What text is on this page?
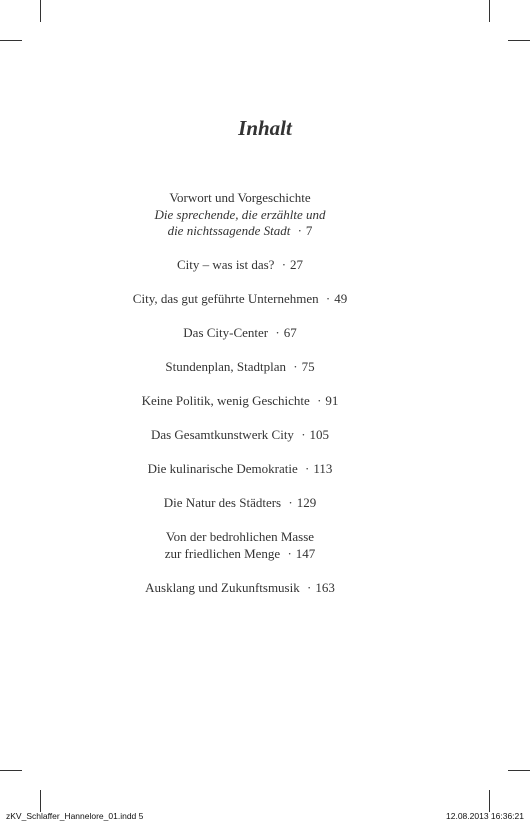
Inhalt
Vorwort und Vorgeschichte
Die sprechende, die erzählte und
die nichtssagende Stadt · 7
City – was ist das? · 27
City, das gut geführte Unternehmen · 49
Das City-Center · 67
Stundenplan, Stadtplan · 75
Keine Politik, wenig Geschichte · 91
Das Gesamtkunstwerk City · 105
Die kulinarische Demokratie · 113
Die Natur des Städters · 129
Von der bedrohlichen Masse
zur friedlichen Menge · 147
Ausklang und Zukunftsmusik · 163
zKV_Schlaffer_Hannelore_01.indd 5	12.08.2013 16:36:21
